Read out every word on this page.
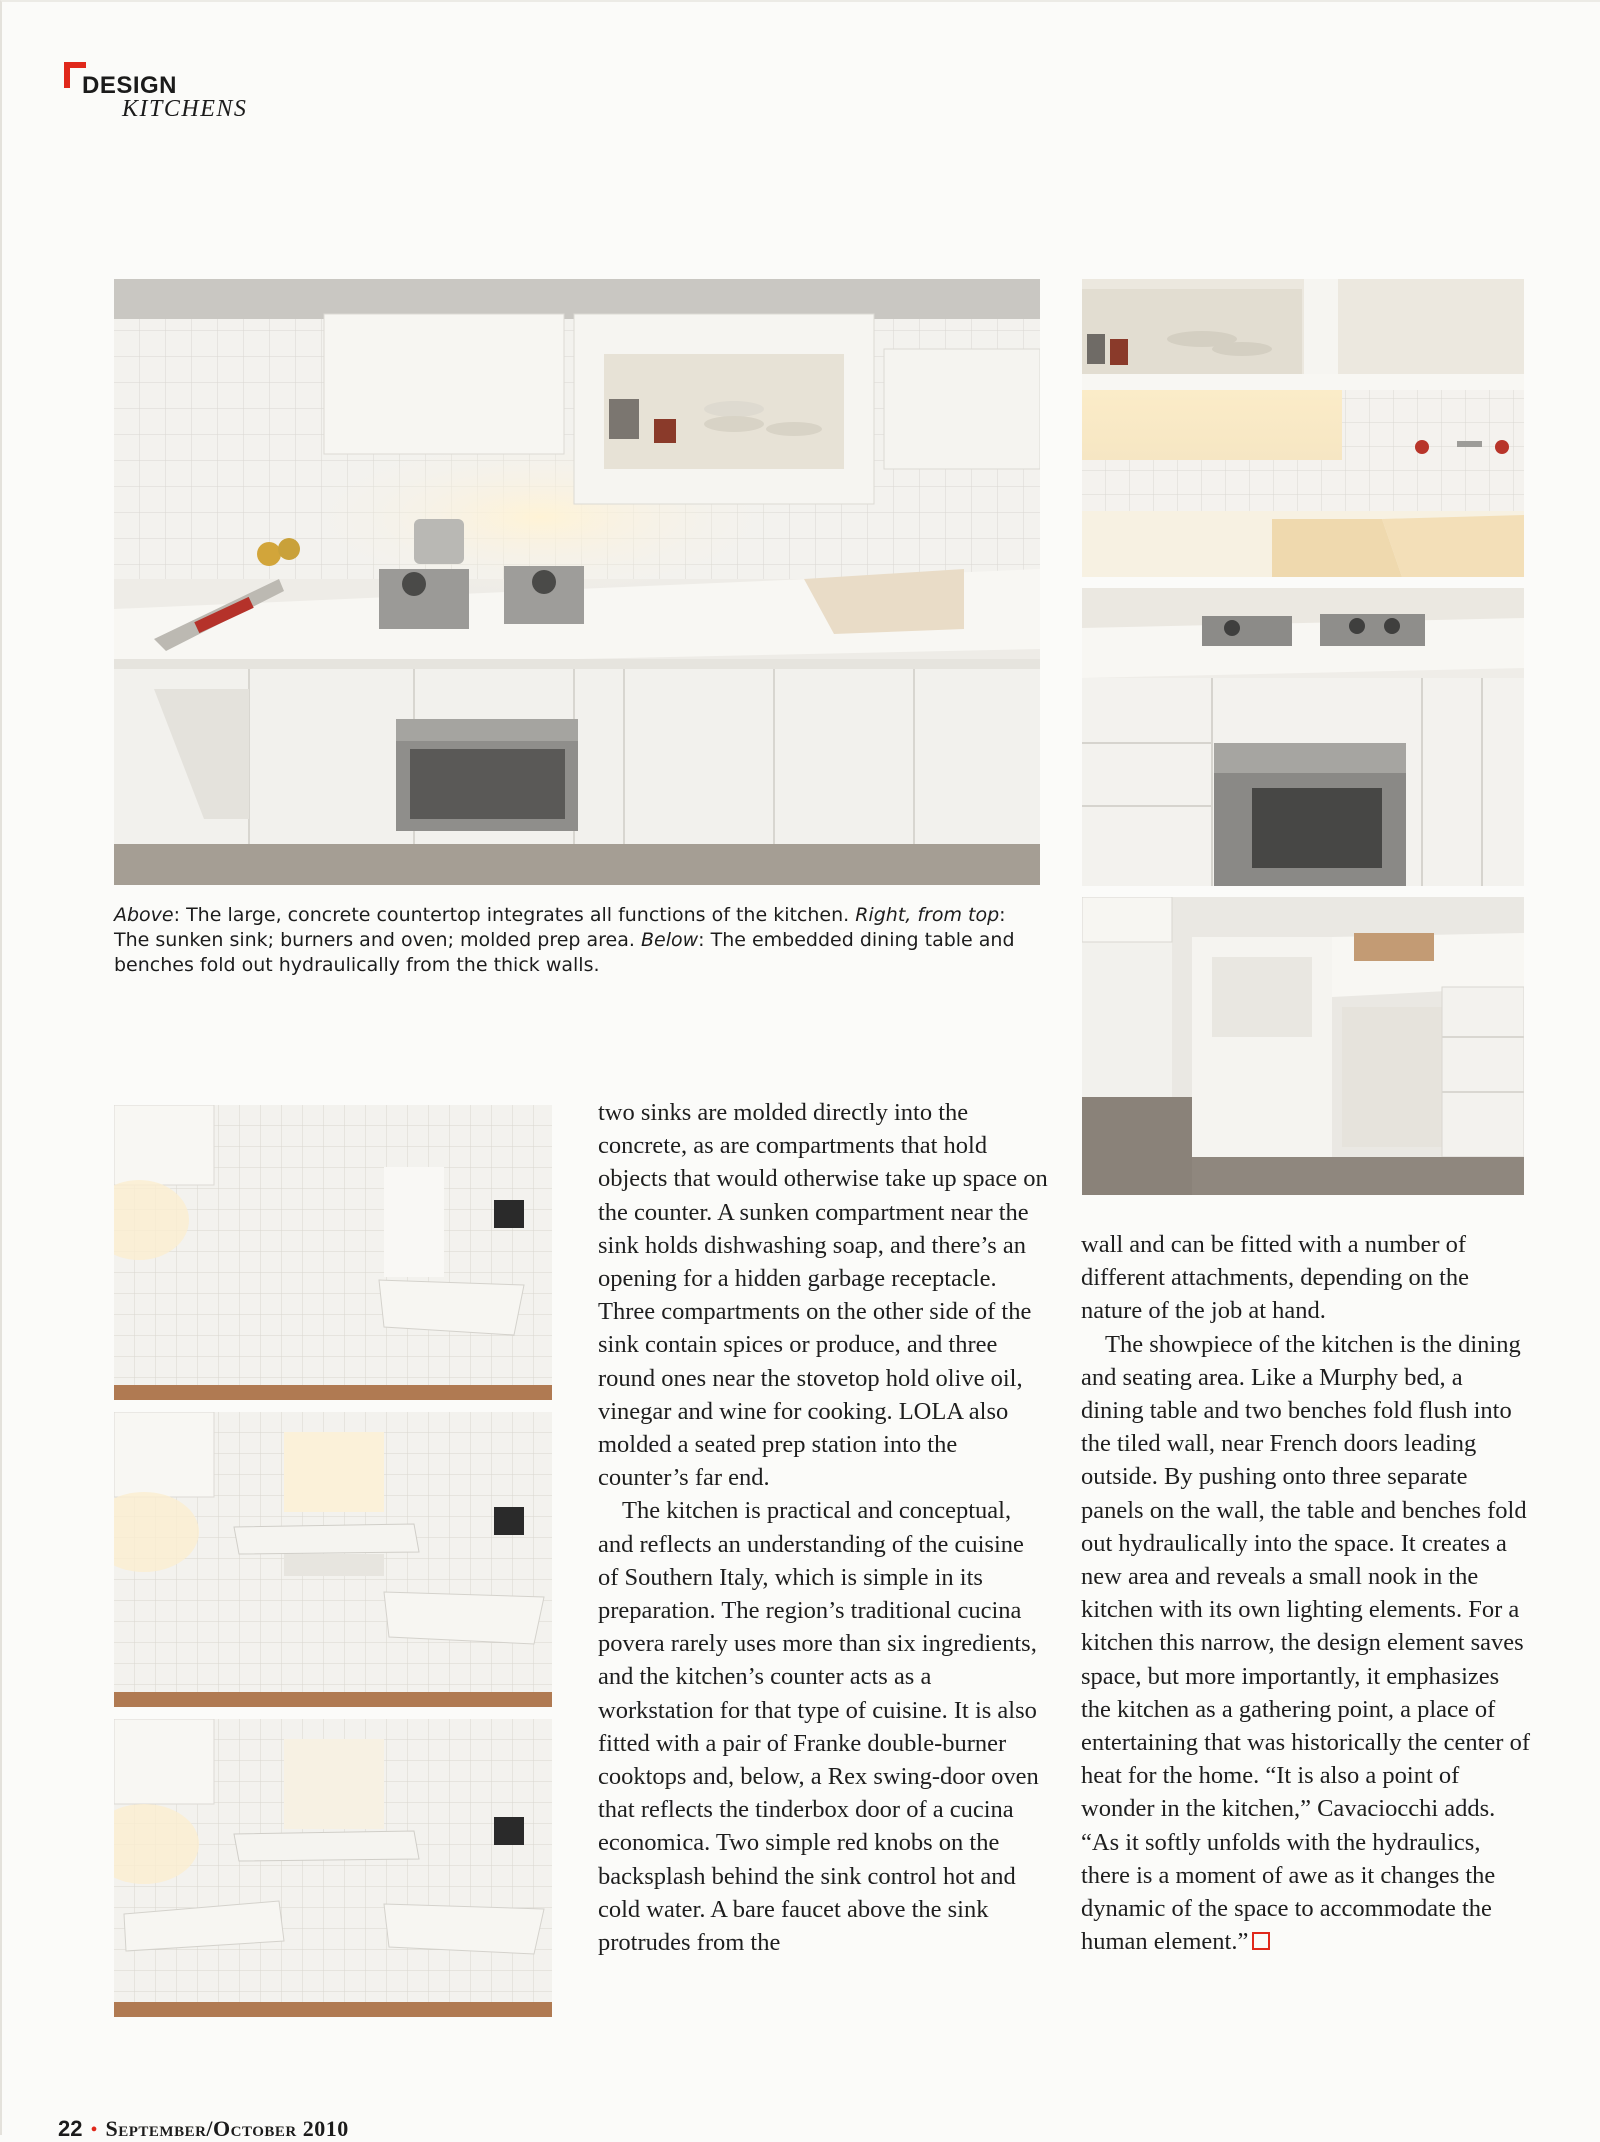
DESIGN
KITCHENS

Above: The large, concrete countertop integrates all functions of the kitchen. Right, from top: The sunken sink; burners and oven; molded prep area. Below: The embedded dining table and benches fold out hydraulically from the thick walls.

two sinks are molded directly into the concrete, as are compartments that hold objects that would otherwise take up space on the counter. A sunken compartment near the sink holds dishwashing soap, and there’s an opening for a hidden garbage receptacle. Three compartments on the other side of the sink contain spices or produce, and three round ones near the stovetop hold olive oil, vinegar and wine for cooking. LOLA also molded a seated prep station into the counter’s far end.

The kitchen is practical and conceptual, and reflects an understanding of the cuisine of Southern Italy, which is simple in its preparation. The region’s traditional cucina povera rarely uses more than six ingredients, and the kitchen’s counter acts as a workstation for that type of cuisine. It is also fitted with a pair of Franke double-burner cooktops and, below, a Rex swing-door oven that reflects the tinderbox door of a cucina economica. Two simple red knobs on the backsplash behind the sink control hot and cold water. A bare faucet above the sink protrudes from the

wall and can be fitted with a number of different attachments, depending on the nature of the job at hand.

The showpiece of the kitchen is the dining and seating area. Like a Murphy bed, a dining table and two benches fold flush into the tiled wall, near French doors leading outside. By pushing onto three separate panels on the wall, the table and benches fold out hydraulically into the space. It creates a new area and reveals a small nook in the kitchen with its own lighting elements. For a kitchen this narrow, the design element saves space, but more importantly, it emphasizes the kitchen as a gathering point, a place of entertaining that was historically the center of heat for the home. “It is also a point of wonder in the kitchen,” Cavaciocchi adds. “As it softly unfolds with the hydraulics, there is a moment of awe as it changes the dynamic of the space to accommodate the human element.”

22 • September/October 2010
